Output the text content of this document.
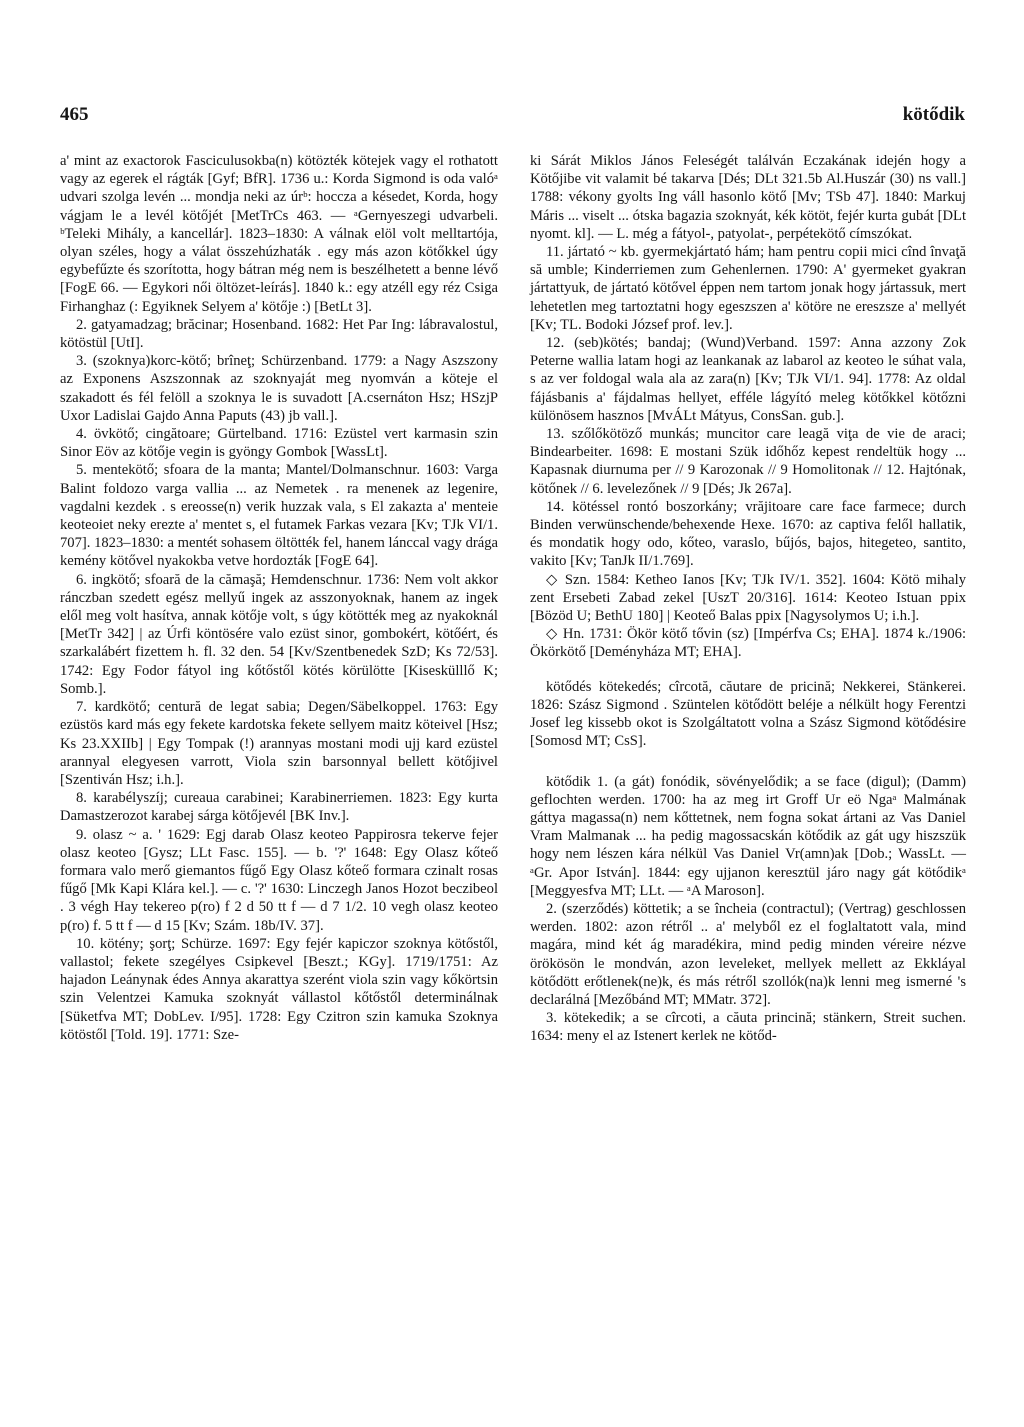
465	kötődik

a' mint az exactorok Fasciculusokba(n) kötözték kötejek vagy el rothatott vagy az egerek el rágták [Gyf; BfR]. 1736 u.: Korda Sigmond is oda valóᵃ udvari szolga levén ... mondja neki az úrᵇ: hoccza a késedet, Korda, hogy vágjam le a levél kötőjét [MetTrCs 463. — ᵃGernyeszegi udvarbeli. ᵇTeleki Mihály, a kancellár]. 1823–1830: A válnak elöl volt melltartója, olyan széles, hogy a válat összehúzhaták . egy más azon kötőkkel úgy egybefűzte és szorította, hogy bátran még nem is beszélhetett a benne lévő [FogE 66. — Egykori női öltözet-leírás]. 1840 k.: egy atzéll egy réz Csiga Firhanghaz (: Egyiknek Selyem a' kötője :) [BetLt 3].

2. gatyamadzag; brăcinar; Hosenband. 1682: Het Par Ing: lábravalostul, kötöstül [UtI].

3. (szoknya)korc-kötő; brîneţ; Schürzenband. 1779: a Nagy Aszszony az Exponens Aszszonnak az szoknyaját meg nyomván a köteje el szakadott és fél felöll a szoknya le is suvadott [A.csernáton Hsz; HSzjP Uxor Ladislai Gajdo Anna Paputs (43) jb vall.].

4. övkötő; cingătoare; Gürtelband. 1716: Ezüstel vert karmasin szin Sinor Eöv az kötője vegin is gyöngy Gombok [WassLt].

5. mentekötő; sfoara de la manta; Mantel/Dolmanschnur. 1603: Varga Balint foldozo varga vallia ... az Nemetek . ra menenek az legenire, vagdalni kezdek . s ereosse(n) verik huzzak vala, s El zakazta a' menteie keoteoiet neky erezte a' mentet s, el futamek Farkas vezara [Kv; TJk VI/1. 707]. 1823–1830: a mentét sohasem öltötték fel, hanem lánccal vagy drága kemény kötővel nyakokba vetve hordozták [FogE 64].

6. ingkötő; sfoară de la cămaşă; Hemdenschnur. 1736: Nem volt akkor ránczban szedett egész mellyű ingek az asszonyoknak, hanem az ingek elől meg volt hasítva, annak kötője volt, s úgy kötötték meg az nyakoknál [MetTr 342] | az Úrfi köntösére valo ezüst sinor, gombokért, kötőért, és szarkalábért fizettem h. fl. 32 den. 54 [Kv/Szentbenedek SzD; Ks 72/53]. 1742: Egy Fodor fátyol ing kőtőstől kötés körülötte [Kiseskülllő K; Somb.].

7. kardkötő; centură de legat sabia; Degen/Säbelkoppel. 1763: Egy ezüstös kard más egy fekete kardotska fekete sellyem maitz köteivel [Hsz; Ks 23.XXIIb] | Egy Tompak (!) arannyas mostani modi ujj kard ezüstel arannyal elegyesen varrott, Viola szin barsonnyal bellett kötőjivel [Szentiván Hsz; i.h.].

8. karabélyszíj; cureaua carabinei; Karabinerriemen. 1823: Egy kurta Damastzerozot karabej sárga kötőjevél [BK Inv.].

9. olasz ~ a. ' 1629: Egj darab Olasz keoteo Pappirosra tekerve fejer olasz keoteo [Gysz; LLt Fasc. 155]. — b. '?' 1648: Egy Olasz kőteő formara valo merő giemantos fűgő Egy Olasz kőteő formara czinalt rosas fűgő [Mk Kapi Klára kel.]. — c. '?' 1630: Linczegh Janos Hozot beczibeol . 3 végh Hay tekereo p(ro) f 2 d 50 tt f — d 7 1/2. 10 vegh olasz keoteo p(ro) f. 5 tt f — d 15 [Kv; Szám. 18b/IV. 37].

10. kötény; şorţ; Schürze. 1697: Egy fejér kapiczor szoknya kötőstől, vallastol; fekete szegélyes Csipkevel [Beszt.; KGy]. 1719/1751: Az hajadon Leánynak édes Annya akarattya szerént viola szin vagy kőkörtsin szin Velentzei Kamuka szoknyát vállastol kőtőstől determinálnak [Süketfva MT; DobLev. I/95]. 1728: Egy Czitron szin kamuka Szoknya kötöstől [Told. 19]. 1771: Sze-

ki Sárát Miklos János Feleségét találván Eczakának idején hogy a Kötőjibe vit valamit bé takarva [Dés; DLt 321.5b Al.Huszár (30) ns vall.] 1788: vékony gyolts Ing váll hasonlo kötő [Mv; TSb 47]. 1840: Markuj Máris ... viselt ... ótska bagazia szoknyát, kék kötöt, fejér kurta gubát [DLt nyomt. kl]. — L. még a fátyol-, patyolat-, perpétekötő címszókat.

11. jártató ~ kb. gyermekjártató hám; ham pentru copii mici cînd învaţă să umble; Kinderriemen zum Gehenlernen. 1790: A' gyermeket gyakran jártattyuk, de jártató kötővel éppen nem tartom jonak hogy jártassuk, mert lehetetlen meg tartoztatni hogy egeszszen a' kötöre ne ereszsze a' mellyét [Kv; TL. Bodoki József prof. lev.].

12. (seb)kötés; bandaj; (Wund)Verband. 1597: Anna azzony Zok Peterne wallia latam hogi az leankanak az labarol az keoteo le súhat vala, s az ver foldogal wala ala az zara(n) [Kv; TJk VI/1. 94]. 1778: Az oldal fájásbanis a' fájdalmas hellyet, efféle lágyító meleg kötőkkel kötőzni különösem hasznos [MvÁLt Mátyus, ConsSan. gub.].

13. szőlőkötöző munkás; muncitor care leagă viţa de vie de araci; Bindearbeiter. 1698: E mostani Szük időhőz kepest rendeltük hogy ... Kapasnak diurnuma per // 9 Karozonak // 9 Homolitonak // 12. Hajtónak, kötőnek // 6. levelezőnek // 9 [Dés; Jk 267a].

14. kötéssel rontó boszorkány; vrăjitoare care face farmece; durch Binden verwünschende/behexende Hexe. 1670: az captiva felől hallatik, és mondatik hogy odo, kőteo, varaslo, bűjós, bajos, hitegeteo, santito, vakito [Kv; TanJk II/1.769].

◇ Szn. 1584: Ketheo Ianos [Kv; TJk IV/1. 352]. 1604: Kötö mihaly zent Ersebeti Zabad zekel [UszT 20/316]. 1614: Keoteo Istuan ppix [Bözöd U; BethU 180] | Keoteő Balas ppix [Nagysolymos U; i.h.].

◇ Hn. 1731: Ökör kötő tővin (sz) [Impérfva Cs; EHA]. 1874 k./1906: Ökörkötő [Deményháza MT; EHA].

kötődés kötekedés; cîrcotă, căutare de pricină; Nekkerei, Stänkerei. 1826: Szász Sigmond . Szüntelen kötődött beléje a nélkült hogy Ferentzi Josef leg kissebb okot is Szolgáltatott volna a Szász Sigmond kötődésire [Somosd MT; CsS].

kötődik 1. (a gát) fonódik, sövényelődik; a se face (digul); (Damm) geflochten werden. 1700: ha az meg irt Groff Ur eö Ngaᵃ Malmának gáttya magassa(n) nem kőttetnek, nem fogna sokat ártani az Vas Daniel Vram Malmanak ... ha pedig magossacskán kötődik az gát ugy hiszszük hogy nem lészen kára nélkül Vas Daniel Vr(amn)ak [Dob.; WassLt. — ᵃGr. Apor István]. 1844: egy ujjanon keresztül járo nagy gát kötődikᵃ [Meggyesfva MT; LLt. — ᵃA Maroson].

2. (szerződés) köttetik; a se încheia (contractul); (Vertrag) geschlossen werden. 1802: azon rétről .. a' melyből ez el foglaltatott vala, mind magára, mind két ág maradékira, mind pedig minden véreire nézve örökösön le mondván, azon leveleket, mellyek mellett az Ekkláyal kötődött erőtlenek(ne)k, és más rétről szollók(na)k lenni meg ismerné 's declarálná [Mezőbánd MT; MMatr. 372].

3. kötekedik; a se cîrcoti, a căuta princină; stänkern, Streit suchen. 1634: meny el az Istenert kerlek ne kötőd-
